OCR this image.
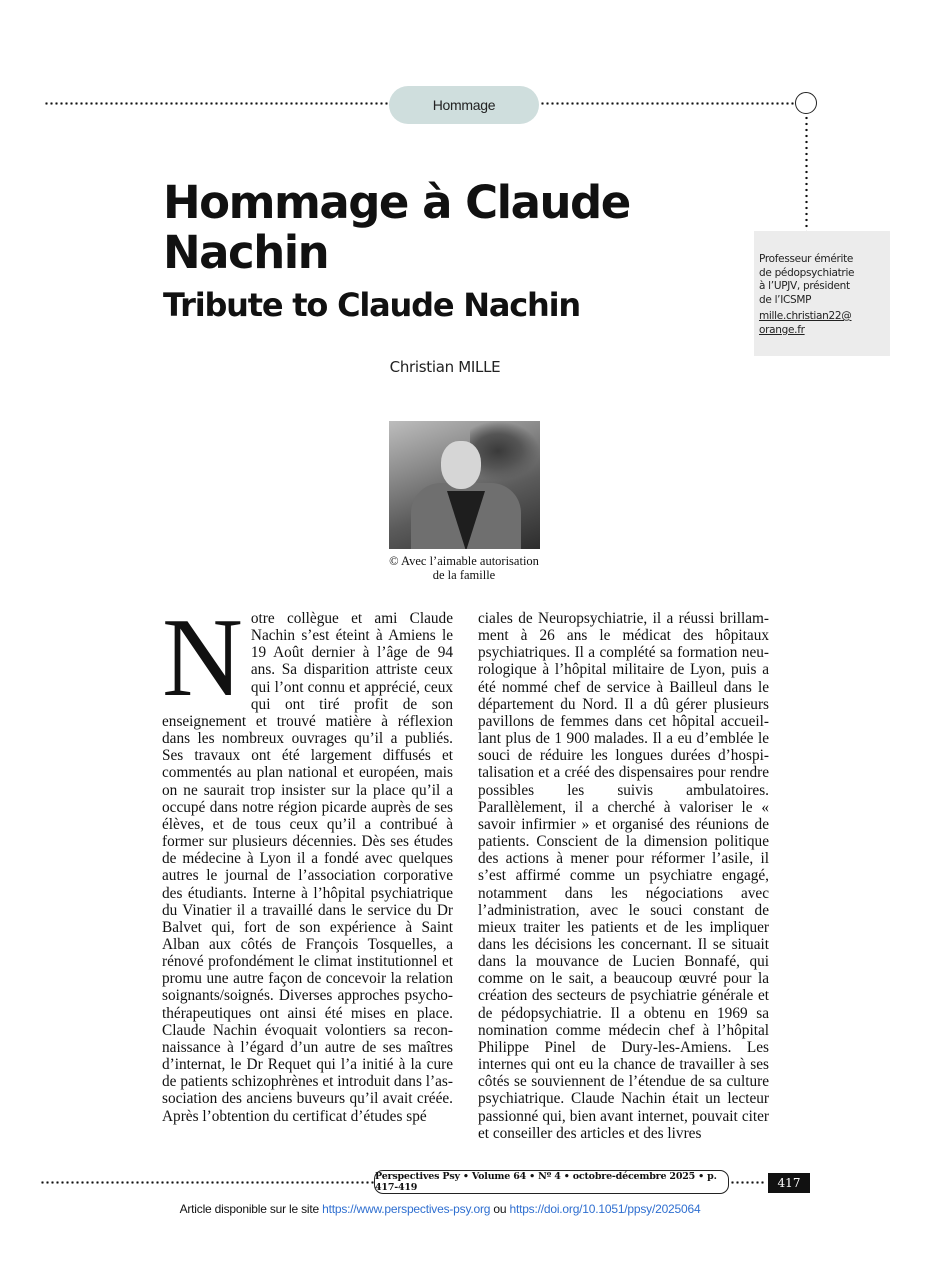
Hommage
Hommage à Claude Nachin
Tribute to Claude Nachin
Christian MILLE
Professeur émérite
de pédopsychiatrie
à l’UPJV, président
de l’ICSMP
mille.christian22@
orange.fr
© Avec l’aimable autorisation
de la famille
Notre collègue et ami Claude Nachin s’est éteint à Amiens le 19 Août dernier à l’âge de 94 ans. Sa disparition attriste ceux qui l’ont connu et apprécié, ceux qui ont tiré profit de son enseignement et trouvé matière à réflexion dans les nombreux ouvrages qu’il a publiés. Ses travaux ont été largement diffusés et commentés au plan national et européen, mais on ne saurait trop insister sur la place qu’il a occupé dans notre région picarde auprès de ses élèves, et de tous ceux qu’il a contribué à former sur plusieurs décennies. Dès ses études de médecine à Lyon il a fondé avec quelques autres le journal de l’association corporative des étudiants. Interne à l’hôpital psychiatrique du Vinatier il a travaillé dans le service du Dr Balvet qui, fort de son expérience à Saint Alban aux côtés de François Tosquelles, a rénové profondément le climat institutionnel et promu une autre façon de concevoir la relation soignants/soignés. Diverses approches psychothérapeutiques ont ainsi été mises en place. Claude Nachin évoquait volontiers sa reconnaissance à l’égard d’un autre de ses maîtres d’internat, le Dr Requet qui l’a initié à la cure de patients schizophrènes et introduit dans l’association des anciens buveurs qu’il avait créée. Après l’obtention du certificat d’études spé
ciales de Neuropsychiatrie, il a réussi brillamment à 26 ans le médicat des hôpitaux psychiatriques. Il a complété sa formation neurologique à l’hôpital militaire de Lyon, puis a été nommé chef de service à Bailleul dans le département du Nord. Il a dû gérer plusieurs pavillons de femmes dans cet hôpital accueillant plus de 1 900 malades. Il a eu d’emblée le souci de réduire les longues durées d’hospitalisation et a créé des dispensaires pour rendre possibles les suivis ambulatoires. Parallèlement, il a cherché à valoriser le « savoir infirmier » et organisé des réunions de patients. Conscient de la dimension politique des actions à mener pour réformer l’asile, il s’est affirmé comme un psychiatre engagé, notamment dans les négociations avec l’administration, avec le souci constant de mieux traiter les patients et de les impliquer dans les décisions les concernant. Il se situait dans la mouvance de Lucien Bonnafé, qui comme on le sait, a beaucoup œuvré pour la création des secteurs de psychiatrie générale et de pédopsychiatrie. Il a obtenu en 1969 sa nomination comme médecin chef à l’hôpital Philippe Pinel de Dury-les-Amiens. Les internes qui ont eu la chance de travailler à ses côtés se souviennent de l’étendue de sa culture psychiatrique. Claude Nachin était un lecteur passionné qui, bien avant internet, pouvait citer et conseiller des articles et des livres
Perspectives Psy • Volume 64 • Nº 4 • octobre-décembre 2025 • p. 417-419	417
Article disponible sur le site https://www.perspectives-psy.org ou https://doi.org/10.1051/ppsy/2025064
